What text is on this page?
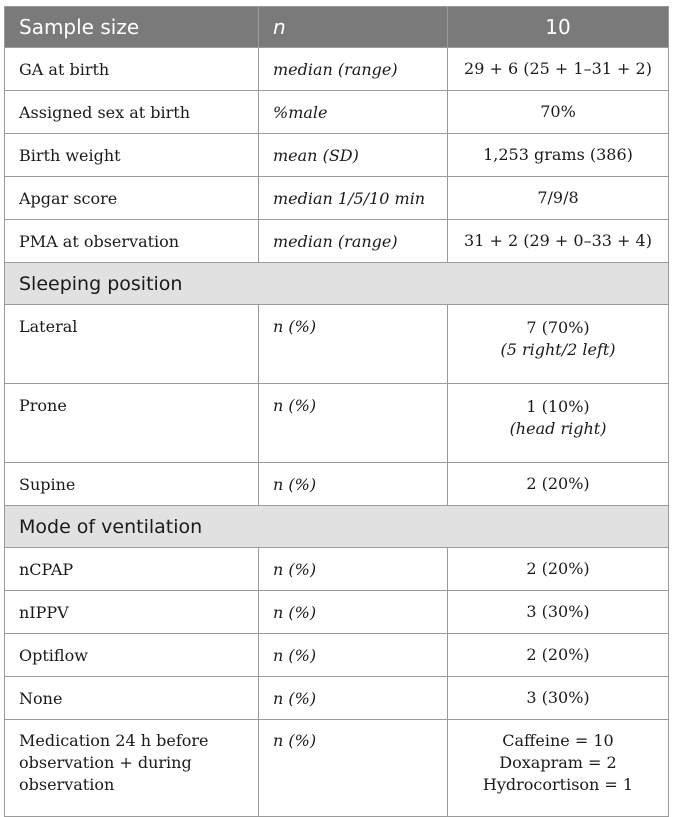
Sample size	n	10
GA at birth	median (range)	29 + 6 (25 + 1–31 + 2)
Assigned sex at birth	%male	70%
Birth weight	mean (SD)	1,253 grams (386)
Apgar score	median 1/5/10 min	7/9/8
PMA at observation	median (range)	31 + 2 (29 + 0–33 + 4)
Sleeping position		
Lateral	n (%)	7 (70%)
(5 right/2 left)

Prone	n (%)	1 (10%)
(head right)

Supine	n (%)	2 (20%)
Mode of ventilation		
nCPAP	n (%)	2 (20%)
nIPPV	n (%)	3 (30%)
Optiflow	n (%)	2 (20%)
None	n (%)	3 (30%)

Medication 24 h before
observation + during
observation	n (%)	Caffeine = 10
Doxapram = 2
Hydrocortison = 1
